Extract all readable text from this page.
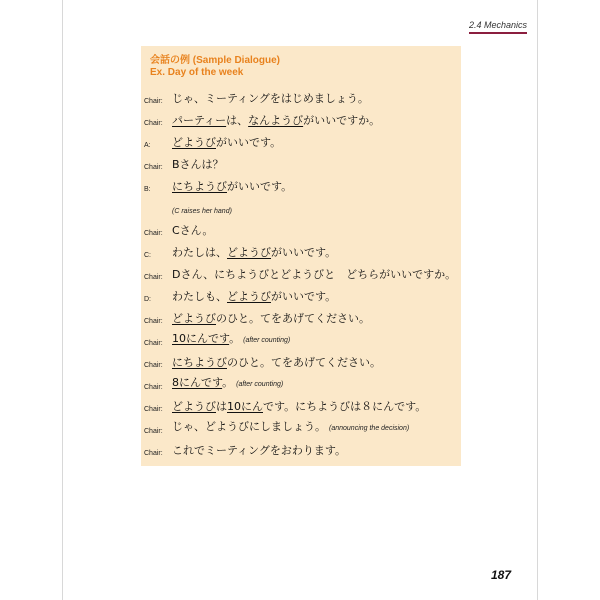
2.4 Mechanics
会話の例 (Sample Dialogue)
Ex. Day of the week
Chair: じゃ、ミーティングをはじめましょう。
Chair: パーティーは、なんようびがいいですか。
A: どようびがいいです。
Chair: Bさんは？
B: にちようびがいいです。
(C raises her hand)
Chair: Cさん。
C: わたしは、どようびがいいです。
Chair: Dさん、にちようびとどようびと　どちらがいいですか。
D: わたしも、どようびがいいです。
Chair: どようびのひと。てをあげてください。
Chair: 10にんです。 (after counting)
Chair: にちようびのひと。てをあげてください。
Chair: 8にんです。 (after counting)
Chair: どようびは10にんです。にちようびは８にんです。
Chair: じゃ、どようびにしましょう。 (announcing the decision)
Chair: これでミーティングをおわります。
187
